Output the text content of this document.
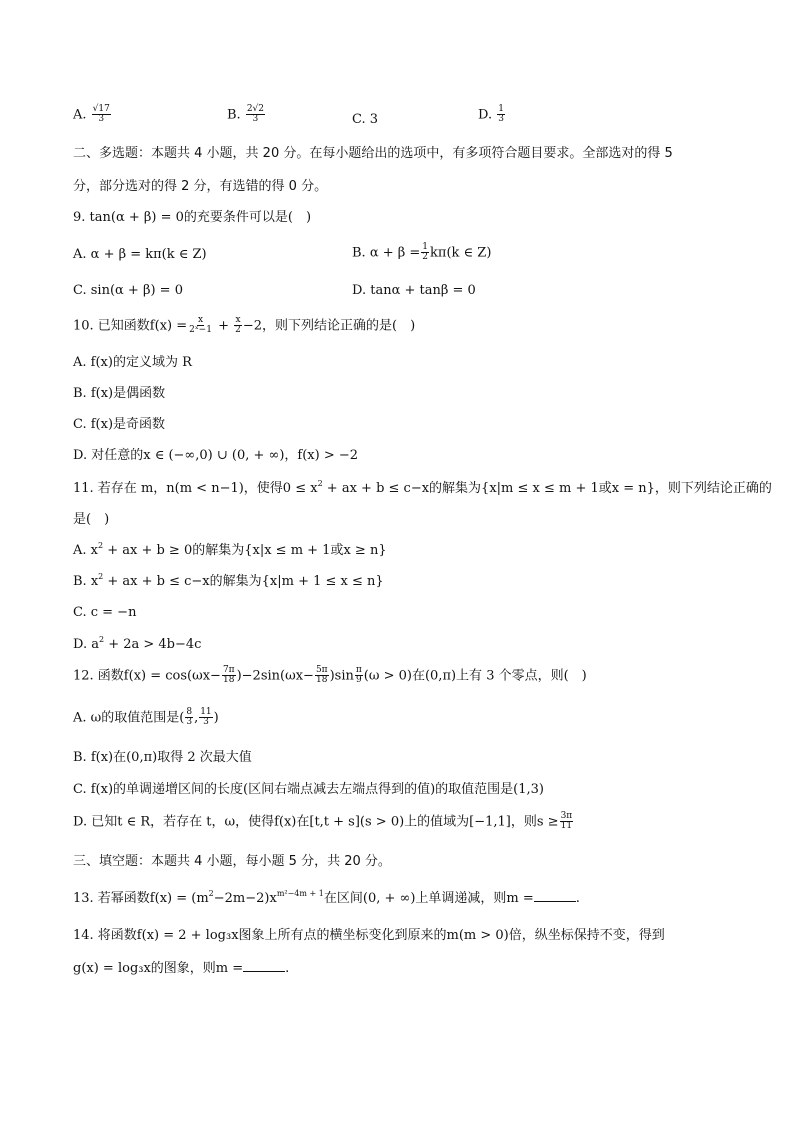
A. $\frac{√17}{3}$	B. $\frac{2√2}{3}$	C. 3	D. $\frac{1}{3}$
二、多选题：本题共 4 小题，共 20 分。在每小题给出的选项中，有多项符合题目要求。全部选对的得 5
分，部分选对的得 2 分，有选错的得 0 分。
9. tan(α + β) = 0的充要条件可以是(　)
A. α + β = kπ(k ∈ Z)	B. $\alpha + \beta = \frac{1}{2} k\pi(k$ ∈ Z)
C. sin(α + β) = 0	D. tanα + tanβ = 0
10. 已知函数$f(x) = \frac{x}{\text{2ˣ−1}} + \frac{x}{2} -2$，则下列结论正确的是(　)
A. f(x)的定义域为 R
B. f(x)是偶函数
C. f(x)是奇函数
D. 对任意的x ∈ (−∞,0) ∪ (0, + ∞)，f(x) > −2
11. 若存在 m，n(m < n−1)，使得$0 \le x^2$ + ax + b ≤ c−x的解集为{x|m ≤ x ≤ m + 1或x = n}，则下列结论正确的
是(　)
A. $x^2$ + ax + b ≥ 0的解集为{x|x ≤ m + 1或x ≥ n}
B. $x^2$ + ax + b ≤ c−x的解集为{x|m + 1 ≤ x ≤ n}
C. c = −n
D. $a^2 + 2a > 4b-4c$
12. 函数$f(x) = \cos(\omega x- \frac{7\pi}{18} )-2\sin(\omega x- \frac{5\pi}{18} )\sin \frac{\pi}{9} (\omega > 0)$在(0,π)上有 3 个零点，则(　)
A. ω的取值范围是( $\frac{8}{3}$ , $\frac{11}{3}$ )
B. f(x)在(0,π)取得 2 次最大值
C. f(x)的单调递增区间的长度(区间右端点减去左端点得到的值)的取值范围是(1,3)
D. 已知t ∈ R，若存在 t，ω，使得f(x)在[t,t + s](s > 0)上的值域为[−1,1]，则$s \ge \frac{3\pi}{11}$
三、填空题：本题共 4 小题，每小题 5 分，共 20 分。
13. 若幂函数$f(x) = (m^2-2m-2)x^{m^2-4m + 1}$在区间(0, + ∞)上单调递减，则m =	.
14. 将函数f(x) = 2 + log₃x图象上所有点的横坐标变化到原来的m(m > 0)倍，纵坐标保持不变，得到
g(x) = log₃x的图象，则m =	.
